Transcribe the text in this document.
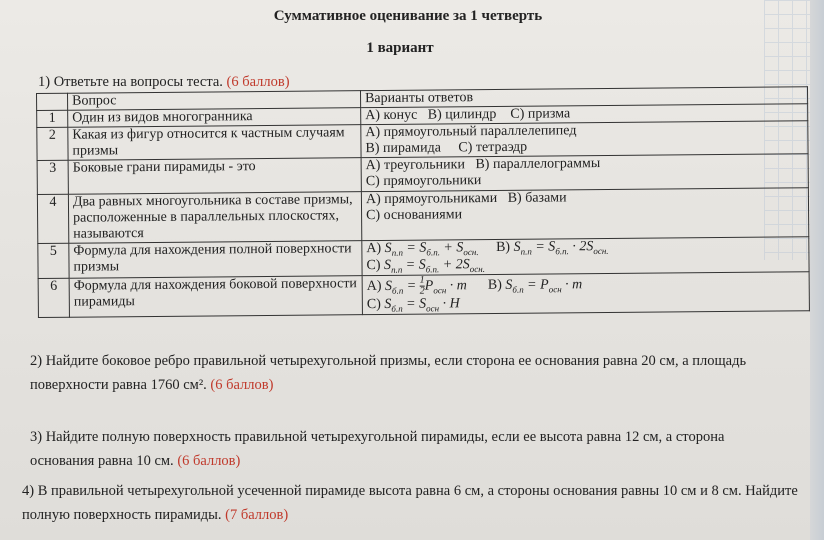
Суммативное оценивание за 1 четверть
1 вариант
1) Ответьте на вопросы теста. (6 баллов)
	Вопрос	Варианты ответов
1	Один из видов многогранника	А) конус   В) цилиндр    С) призма

2	Какая из фигур относится к частным случаям призмы	А) прямоугольный параллелепипед
В) пирамида     С) тетраэдр

3	Боковые грани пирамиды - это	А) треугольники   В) параллелограммы
С) прямоугольники

4	Два равных многоугольника в составе призмы, расположенные в параллельных плоскостях, называются	А) прямоугольниками   В) базами
С) основаниями

5	Формула для нахождения полной поверхности призмы	А) $S_{п.п} = S_{б.п.} + S_{осн.}$ В) $S_{п.п} = S_{б.п.} \cdot 2S_{осн.}$
С) $S_{п.п} = S_{б.п.} + 2S_{осн.}$

6	Формула для нахождения боковой поверхности пирамиды	А) $S_{б.п} = \frac{1}{2} P_{осн} \cdot m$ В) $S_{б.п} = P_{осн} \cdot m$
С) $S_{б.п} = S_{осн} \cdot H$
2) Найдите боковое ребро правильной четырехугольной призмы, если сторона ее основания равна 20 см, а площадь поверхности равна 1760 см². (6 баллов)
3) Найдите полную поверхность правильной четырехугольной пирамиды, если ее высота равна 12 см, а сторона основания равна 10 см. (6 баллов)
4) В правильной четырехугольной усеченной пирамиде высота равна 6 см, а стороны основания равны 10 см и 8 см. Найдите полную поверхность пирамиды. (7 баллов)
